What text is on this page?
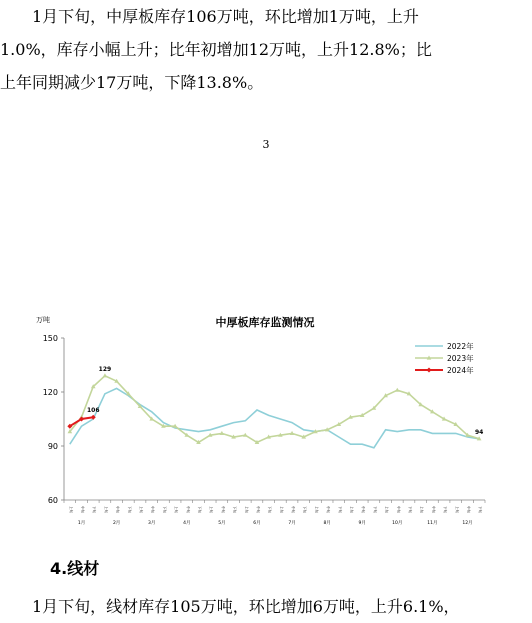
　　1月下旬，中厚板库存106万吨，环比增加1万吨，上升
1.0%，库存小幅上升；比年初增加12万吨，上升12.8%；比
上年同期减少17万吨，下降13.8%。
3
中厚板库存监测情况
万吨
60
90
120
150
上旬 中旬 下旬 上旬 中旬 下旬 上旬 中旬 下旬 上旬 中旬 下旬 上旬 中旬 下旬 上旬 中旬 下旬 上旬 中旬 下旬 上旬 中旬 下旬 上旬 中旬 下旬 上旬 中旬 下旬 上旬 中旬 下旬 上旬 中旬 下旬
1月	2月	3月	4月	5月	6月	7月	8月	9月	10月	11月	12月
129
106
94
2022年
2023年
2024年
4.线材
　　1月下旬，线材库存105万吨，环比增加6万吨，上升6.1%，
